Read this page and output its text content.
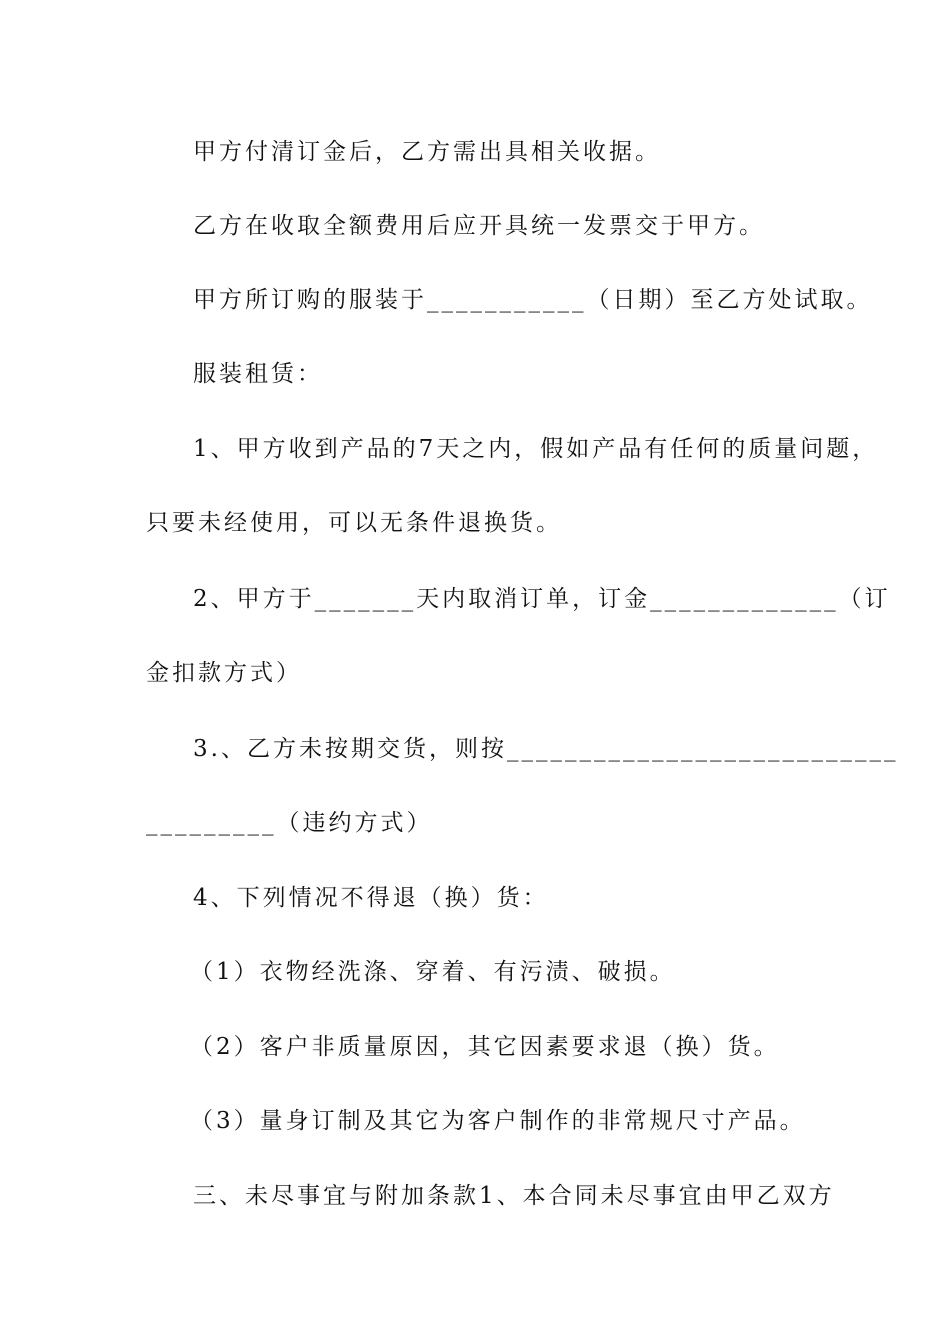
甲方付清订金后，乙方需出具相关收据。
乙方在收取全额费用后应开具统一发票交于甲方。
甲方所订购的服装于___________（日期）至乙方处试取。
服装租赁：
1、甲方收到产品的7天之内，假如产品有任何的质量问题，
只要未经使用，可以无条件退换货。
2、甲方于_______天内取消订单，订金_____________（订
金扣款方式）
3.、乙方未按期交货，则按___________________________
_________（违约方式）
4、下列情况不得退（换）货：
（1）衣物经洗涤、穿着、有污渍、破损。
（2）客户非质量原因，其它因素要求退（换）货。
（3）量身订制及其它为客户制作的非常规尺寸产品。
三、未尽事宜与附加条款1、本合同未尽事宜由甲乙双方
